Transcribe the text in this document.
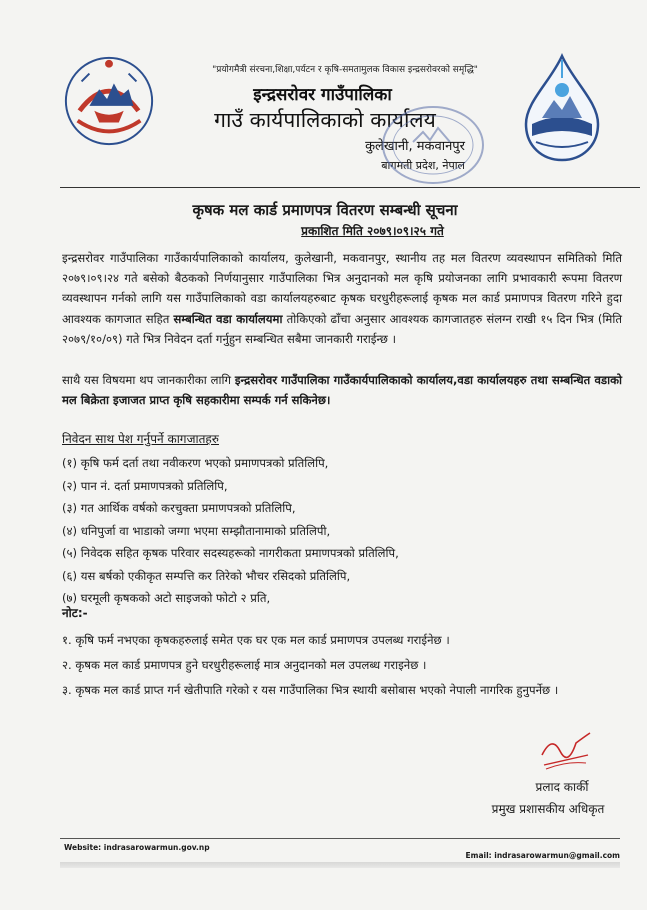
"प्रयोगमैत्री संरचना,शिक्षा,पर्यटन र कृषि-समतामुलक विकास इन्द्रसरोवरको समृद्धि"
इन्द्रसरोवर गाउँपालिका
गाउँ कार्यपालिकाको कार्यालय
कुलेखानी, मकवानपुर
बागमती प्रदेश, नेपाल
कृषक मल कार्ड प्रमाणपत्र वितरण सम्बन्धी सूचना
प्रकाशित मिति २०७९।०९।२५ गते
इन्द्रसरोवर गाउँपालिका गाउँकार्यपालिकाको कार्यालय, कुलेखानी, मकवानपुर, स्थानीय तह मल वितरण व्यवस्थापन समितिको मिति २०७९।०९।२४ गते बसेको बैठकको निर्णयानुसार गाउँपालिका भित्र अनुदानको मल कृषि प्रयोजनका लागि प्रभावकारी रूपमा वितरण व्यवस्थापन गर्नको लागि यस गाउँपालिकाको वडा कार्यालयहरुबाट कृषक घरधुरीहरूलाई कृषक मल कार्ड प्रमाणपत्र वितरण गरिने हुदा आवश्यक कागजात सहित सम्बन्धित वडा कार्यालयमा तोकिएको ढाँचा अनुसार आवश्यक कागजातहरु संलग्न राखी १५ दिन भित्र (मिति २०७९/१०/०९) गते भित्र निवेदन दर्ता गर्नुहुन सम्बन्धित सबैमा जानकारी गराईन्छ ।
साथै यस विषयमा थप जानकारीका लागि इन्द्रसरोवर गाउँपालिका गाउँकार्यपालिकाको कार्यालय,वडा कार्यालयहरु तथा सम्बन्धित वडाको मल बिक्रेता इजाजत प्राप्त कृषि सहकारीमा सम्पर्क गर्न सकिनेछ।
निवेदन साथ पेश गर्नुपर्ने कागजातहरु
(१) कृषि फर्म दर्ता तथा नवीकरण भएको प्रमाणपत्रको प्रतिलिपि,
(२) पान नं. दर्ता प्रमाणपत्रको प्रतिलिपि,
(३) गत आर्थिक वर्षको करचुक्ता प्रमाणपत्रको प्रतिलिपि,
(४) धनिपुर्जा वा भाडाको जग्गा भएमा सम्झौतानामाको प्रतिलिपी,
(५) निवेदक सहित कृषक परिवार सदस्यहरूको नागरीकता प्रमाणपत्रको प्रतिलिपि,
(६) यस बर्षको एकीकृत सम्पत्ति कर तिरेको भौचर रसिदको प्रतिलिपि,
(७) घरमूली कृषकको अटो साइजको फोटो २ प्रति,
नोट:-
१. कृषि फर्म नभएका कृषकहरुलाई समेत एक घर एक मल कार्ड प्रमाणपत्र उपलब्ध गराईनेछ ।
२. कृषक मल कार्ड प्रमाणपत्र हुने घरधुरीहरूलाई मात्र अनुदानको मल उपलब्ध गराइनेछ ।
३. कृषक मल कार्ड प्राप्त गर्न खेतीपाति गरेको र यस गाउँपालिका भित्र स्थायी बसोबास भएको नेपाली नागरिक हुनुपर्नेछ ।
प्रलाद कार्की
प्रमुख प्रशासकीय अधिकृत
Website: indrasarowarmun.gov.np
Email: indrasarowarmun@gmail.com
